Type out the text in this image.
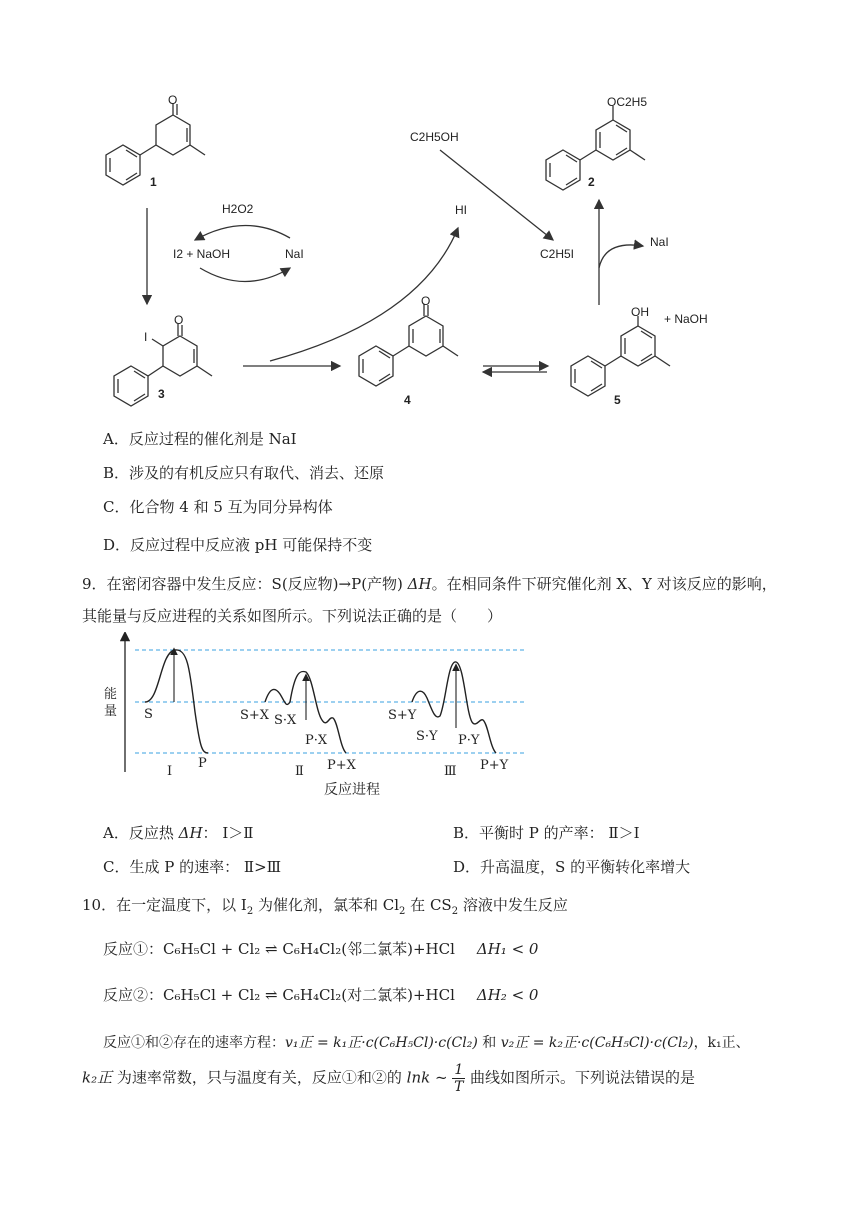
O
1
OC2H5
2
O
I
3
O
4
OH + NaOH
5
H2O2
I2 + NaOH	NaI
HI
C2H5OH
C2H5I
NaI
A．反应过程的催化剂是 NaI
B．涉及的有机反应只有取代、消去、还原
C．化合物 4 和 5 互为同分异构体
D．反应过程中反应液 pH 可能保持不变
9．在密闭容器中发生反应：S(反应物)→P(产物) ΔH。在相同条件下研究催化剂 X、Y 对该反应的影响，
其能量与反应进程的关系如图所示。下列说法正确的是（　　）
能
量 S
P
Ⅰ
S+X S·X
P·X
P+X
Ⅱ
S+Y
S·Y P·Y
P+Y
Ⅲ
反应进程
A．反应热 ΔH： Ⅰ＞Ⅱ	B．平衡时 P 的产率： Ⅱ＞Ⅰ
C．生成 P 的速率： Ⅱ>Ⅲ	D．升高温度，S 的平衡转化率增大
10．在一定温度下，以 $I_2$ 为催化剂，氯苯和 $Cl_2$ 在 $CS_2$ 溶液中发生反应
反应①：C₆H₅Cl + Cl₂ ⇌ C₆H₄Cl₂(邻二氯苯)+HCl ΔH₁ < 0
反应②：C₆H₅Cl + Cl₂ ⇌ C₆H₄Cl₂(对二氯苯)+HCl ΔH₂ < 0
反应①和②存在的速率方程：v₁正 = k₁正·c(C₆H₅Cl)·c(Cl₂) 和 v₂正 = k₂正·c(C₆H₅Cl)·c(Cl₂)，k₁正、
k₂正 为速率常数，只与温度有关，反应①和②的 lnk ~ $\frac{1}{T}$ 曲线如图所示。下列说法错误的是
